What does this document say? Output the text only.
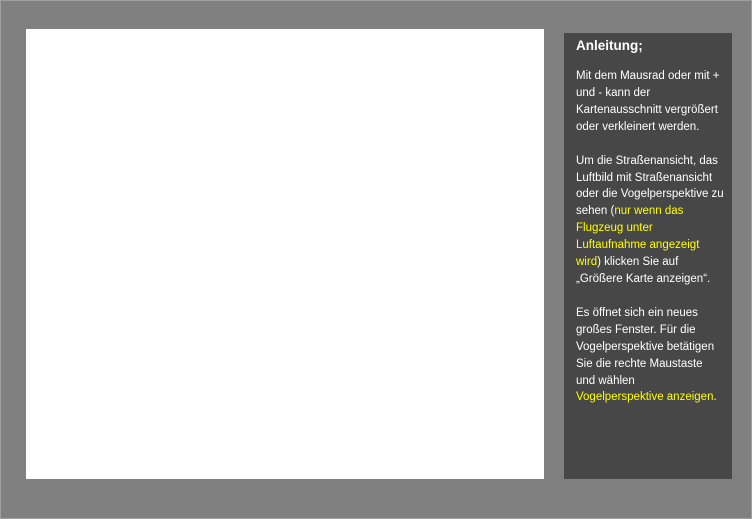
Anleitung;

Mit dem Mausrad oder mit + und - kann der Kartenausschnitt vergrößert oder verkleinert werden.

Um die Straßenansicht, das Luftbild mit Straßenansicht oder die Vogelperspektive zu sehen (nur wenn das Flugzeug unter Luftaufnahme angezeigt wird) klicken Sie auf „Größere Karte anzeigen“.

Es öffnet sich ein neues großes Fenster. Für die Vogelperspektive betätigen Sie die rechte Maustaste und wählen Vogelperspektive anzeigen.
